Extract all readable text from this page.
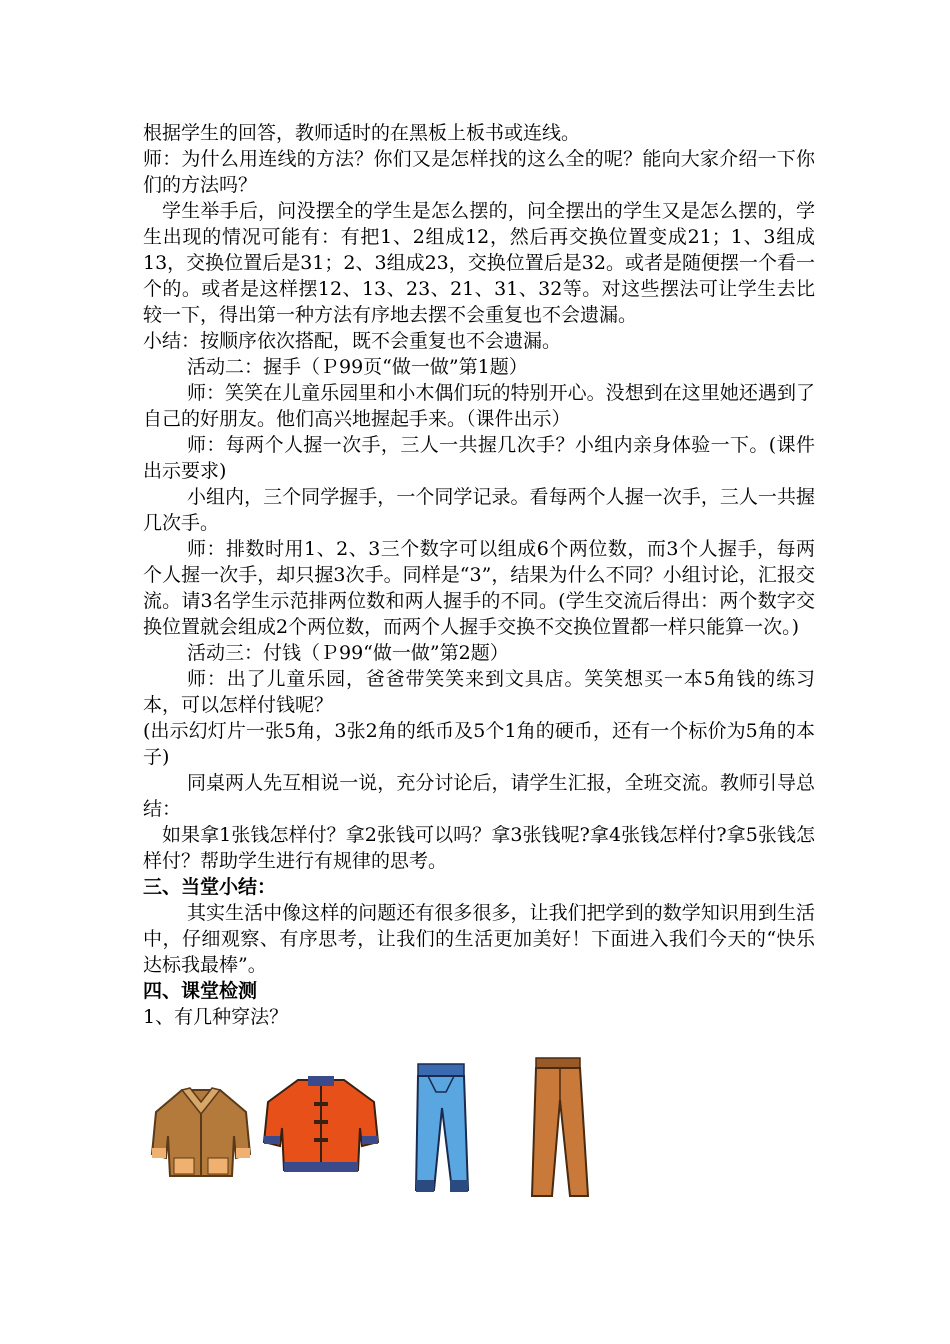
根据学生的回答，教师适时的在黑板上板书或连线。

师：为什么用连线的方法？你们又是怎样找的这么全的呢？能向大家介绍一下你们的方法吗？

学生举手后，问没摆全的学生是怎么摆的，问全摆出的学生又是怎么摆的，学生出现的情况可能有：有把1、2组成12，然后再交换位置变成21；1、3组成13，交换位置后是31；2、3组成23，交换位置后是32。或者是随便摆一个看一个的。或者是这样摆12、13、23、21、31、32等。对这些摆法可让学生去比较一下，得出第一种方法有序地去摆不会重复也不会遗漏。

小结：按顺序依次搭配，既不会重复也不会遗漏。

活动二：握手（Ｐ99页“做一做”第1题）

师：笑笑在儿童乐园里和小木偶们玩的特别开心。没想到在这里她还遇到了自己的好朋友。他们高兴地握起手来。（课件出示）

师：每两个人握一次手，三人一共握几次手？小组内亲身体验一下。(课件出示要求)

小组内，三个同学握手，一个同学记录。看每两个人握一次手，三人一共握几次手。

师：排数时用1、2、3三个数字可以组成6个两位数，而3个人握手，每两个人握一次手，却只握3次手。同样是“3”，结果为什么不同？小组讨论，汇报交流。请3名学生示范排两位数和两人握手的不同。(学生交流后得出：两个数字交换位置就会组成2个两位数，而两个人握手交换不交换位置都一样只能算一次。)

活动三：付钱（Ｐ99“做一做”第2题）

师：出了儿童乐园，爸爸带笑笑来到文具店。笑笑想买一本5角钱的练习本，可以怎样付钱呢？

(出示幻灯片一张5角，3张2角的纸币及5个1角的硬币，还有一个标价为5角的本子)

同桌两人先互相说一说，充分讨论后，请学生汇报，全班交流。教师引导总结：

如果拿1张钱怎样付？拿2张钱可以吗？拿3张钱呢?拿4张钱怎样付?拿5张钱怎样付？帮助学生进行有规律的思考。

三、当堂小结：

其实生活中像这样的问题还有很多很多，让我们把学到的数学知识用到生活中，仔细观察、有序思考，让我们的生活更加美好！下面进入我们今天的“快乐达标我最棒”。

四、课堂检测

1、有几种穿法？
